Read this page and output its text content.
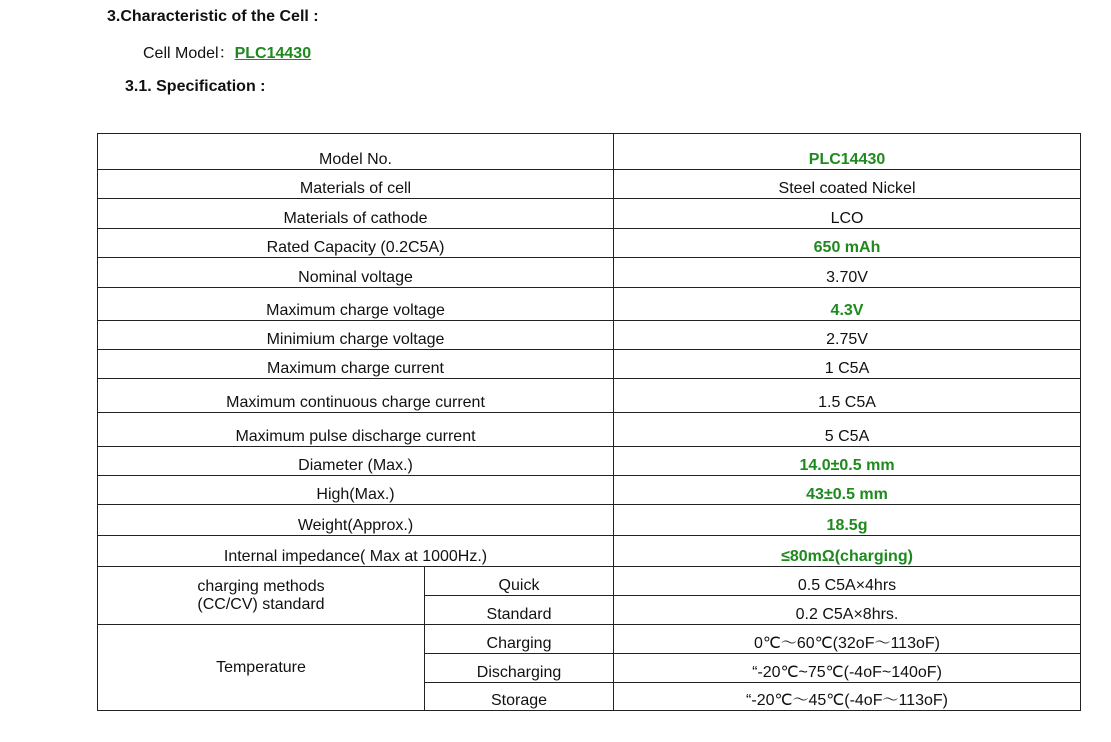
3.Characteristic of the Cell :
Cell Model：PLC14430
3.1. Specification :
Model No.		PLC14430
Materials of cell		Steel coated Nickel
Materials of cathode		LCO
Rated Capacity (0.2C5A)		650 mAh
Nominal voltage		3.70V
Maximum charge voltage		4.3V
Minimium charge voltage		2.75V
Maximum charge current		1 C5A
Maximum continuous charge current		1.5 C5A
Maximum pulse discharge current		5 C5A
Diameter (Max.)		14.0±0.5 mm
High(Max.)		43±0.5 mm
Weight(Approx.)		18.5g
Internal impedance( Max at 1000Hz.)		≤80mΩ(charging)

charging methods
(CC/CV) standard	Quick	0.5 C5A×4hrs
	Standard	0.2 C5A×8hrs.
Temperature	Charging	0℃～60℃(32oF～113oF)
	Discharging	“-20℃~75℃(-4oF~140oF)
	Storage	“-20℃～45℃(-4oF～113oF)
